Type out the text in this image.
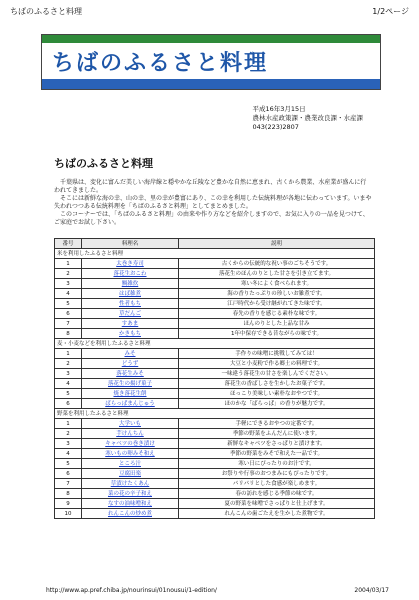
ちばのふるさと料理	1/2ページ
ちばのふるさと料理
平成16年3月15日
農林水産政策課・農業改良課・水産課
043(223)2807
ちばのふるさと料理

千葉県は、変化に富んだ美しい海岸線と穏やかな丘陵など豊かな自然に恵まれ、古くから農業、水産業が盛んに行われてきました。

そこには新鮮な海の幸、山の幸、里の幸が豊富にあり、この幸を利用した伝統料理が各地に伝わっています。いまや失われつつある伝統料理を「ちばのふるさと料理」としてまとめました。

このコーナーでは、「ちばのふるさと料理」の由来や作り方などを紹介しますので、お気に入りの一品を見つけて、ご家庭でお試し下さい。

番号	料理名	説明
米を利用したふるさと料理		
1	太巻き寿司	古くからの伝統的な祝い事のごちそうです。
2	落花生おこわ	落花生のほんのりとした甘さを引き立てます。
3	鯛雑炊	寒い冬によく食べられます。
4	はば雑煮	海の香りたっぷりの珍しいお雑煮です。
5	性者もち	江戸時代から受け継がれてきた味です。
6	草だんご	春先の香りを感じる素朴な味です。
7	すあま	ほんのりとした上品な甘み
8	かきもち	1年中保存できる昔ながらの味です。
麦・小麦などを利用したふるさと料理		
1	みそ	手作りの味噌に挑戦してみては！
2	どうず	大豆と小麦粉で作る郷土の料理です。
3	落花生みそ	一味違う落花生の甘さを楽しんでください。
4	落花生の揚げ菓子	落花生の香ばしさを生かしたお菓子です。
5	焼き落花生餅	ほっこり美味しい素朴なおやつです。
6	ばらっぱまんじゅう	ほのかな「ばらっぱ」の香りが魅力です。
野菜を利用したふるさと料理		
1	大学いも	手軽にできるおやつの定番です。
2	芋けんちん	季節の野菜をふんだんに使います。
3	キャベツの巻き漬け	新鮮なキャベツをさっぱりと漬けます。
4	寒いもの卵みそ和え	季節の野菜をみそで和えた一品です。
5	ところ汁	寒い日にぴったりのお汁です。
6	豆腐田楽	お祭りや行事のおつまみにもぴったりです。
7	草漬けたくあん	パリパリとした食感が楽しめます。
8	菜の花の辛子和え	春の訪れを感じる季節の味です。
9	なすの油味噌和え	夏の野菜を味噌でさっぱりと仕上げます。
10	れんこんの炒め煮	れんこんの歯ごたえを生かした煮物です。
http://www.ap.pref.chiba.jp/nourinsui/01nousui/1-edition/	2004/03/17
